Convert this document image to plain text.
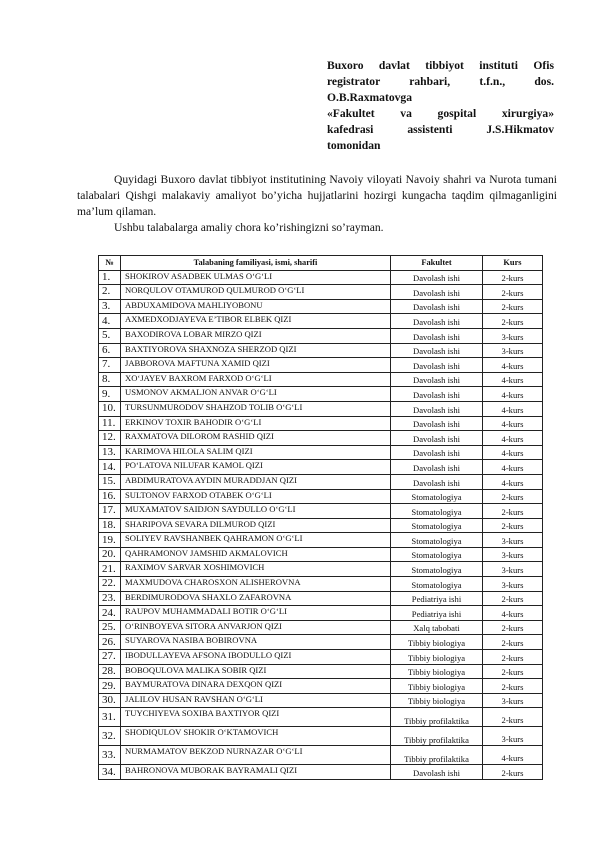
Buxoro davlat tibbiyot instituti Ofis
registrator rahbari, t.f.n., dos.
O.B.Raxmatovga
«Fakultet va gospital xirurgiya»
kafedrasi assistenti J.S.Hikmatov
tomonidan

Quyidagi Buxoro davlat tibbiyot institutining Navoiy viloyati Navoiy shahri va Nurota tumani talabalari Qishgi malakaviy amaliyot bo’yicha hujjatlarini hozirgi kungacha taqdim qilmaganligini ma’lum qilaman.

Ushbu talabalarga amaliy chora ko’rishingizni so’rayman.

№	Talabaning familiyasi, ismi, sharifi	Fakultet	Kurs
1.	SHOKIROV ASADBEK ULMAS O‘G‘LI	Davolash ishi	2-kurs
2.	NORQULOV OTAMUROD QULMUROD O‘G‘LI	Davolash ishi	2-kurs
3.	ABDUXAMIDOVA MAHLIYOBONU	Davolash ishi	2-kurs
4.	AXMEDXODJAYEVA E’TIBOR ELBEK QIZI	Davolash ishi	2-kurs
5.	BAXODIROVA LOBAR MIRZO QIZI	Davolash ishi	3-kurs
6.	BAXTIYOROVA SHAXNOZA SHERZOD QIZI	Davolash ishi	3-kurs
7.	JABBOROVA MAFTUNA XAMID QIZI	Davolash ishi	4-kurs
8.	XO‘JAYEV BAXROM FARXOD O‘G‘LI	Davolash ishi	4-kurs
9.	USMONOV AKMALJON ANVAR O‘G‘LI	Davolash ishi	4-kurs
10.	TURSUNMURODOV SHAHZOD TOLIB O‘G‘LI	Davolash ishi	4-kurs
11.	ERKINOV TOXIR BAHODIR O‘G‘LI	Davolash ishi	4-kurs
12.	RAXMATOVA DILOROM RASHID QIZI	Davolash ishi	4-kurs
13.	KARIMOVA HILOLA SALIM QIZI	Davolash ishi	4-kurs
14.	PO‘LATOVA NILUFAR KAMOL QIZI	Davolash ishi	4-kurs
15.	ABDIMURATOVA AYDIN MURADDJAN QIZI	Davolash ishi	4-kurs
16.	SULTONOV FARXOD OTABEK O‘G‘LI	Stomatologiya	2-kurs
17.	MUXAMATOV SAIDJON SAYDULLO O‘G‘LI	Stomatologiya	2-kurs
18.	SHARIPOVA SEVARA DILMUROD QIZI	Stomatologiya	2-kurs
19.	SOLIYEV RAVSHANBEK QAHRAMON O‘G‘LI	Stomatologiya	3-kurs
20.	QAHRAMONOV JAMSHID AKMALOVICH	Stomatologiya	3-kurs
21.	RAXIMOV SARVAR XOSHIMOVICH	Stomatologiya	3-kurs
22.	MAXMUDOVA CHAROSXON ALISHEROVNA	Stomatologiya	3-kurs
23.	BERDIMURODOVA SHAXLO ZAFAROVNA	Pediatriya ishi	2-kurs
24.	RAUPOV MUHAMMADALI BOTIR O‘G‘LI	Pediatriya ishi	4-kurs
25.	O‘RINBOYEVA SITORA ANVARJON QIZI	Xalq tabobati	2-kurs
26.	SUYAROVA NASIBA BOBIROVNA	Tibbiy biologiya	2-kurs
27.	IBODULLAYEVA AFSONA IBODULLO QIZI	Tibbiy biologiya	2-kurs
28.	BOBOQULOVA MALIKA SOBIR QIZI	Tibbiy biologiya	2-kurs
29.	BAYMURATOVA DINARA DEXQON QIZI	Tibbiy biologiya	2-kurs
30.	JALILOV HUSAN RAVSHAN O‘G‘LI	Tibbiy biologiya	3-kurs
31.	TUYCHIYEVA SOXIBA BAXTIYOR QIZI	Tibbiy profilaktika	2-kurs
32.	SHODIQULOV SHOKIR O‘KTAMOVICH	Tibbiy profilaktika	3-kurs
33.	NURMAMATOV BEKZOD NURNAZAR O‘G‘LI	Tibbiy profilaktika	4-kurs
34.	BAHRONOVA MUBORAK BAYRAMALI QIZI	Davolash ishi	2-kurs
